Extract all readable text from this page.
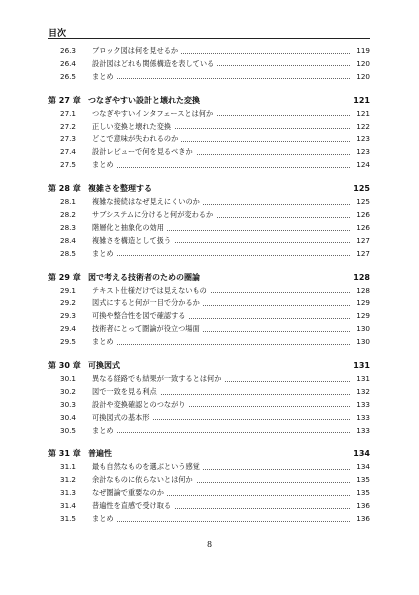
目次
26.3	ブロック図は何を見せるか	119
26.4	設計図はどれも関係構造を表している	120
26.5	まとめ	120
第 27 章 つなぎやすい設計と壊れた変換	121
27.1	つなぎやすいインタフェースとは何か	121
27.2	正しい変換と壊れた変換	122
27.3	どこで意味が失われるのか	123
27.4	設計レビューで何を見るべきか	123
27.5	まとめ	124
第 28 章 複雑さを整理する	125
28.1	複雑な接続はなぜ見えにくいのか	125
28.2	サブシステムに分けると何が変わるか	126
28.3	階層化と抽象化の効用	126
28.4	複雑さを構造として扱う	127
28.5	まとめ	127
第 29 章 図で考える技術者のための圏論	128
29.1	テキスト仕様だけでは見えないもの	128
29.2	図式にすると何が一目で分かるか	129
29.3	可換や整合性を図で確認する	129
29.4	技術者にとって圏論が役立つ場面	130
29.5	まとめ	130
第 30 章 可換図式	131
30.1	異なる経路でも結果が一致するとは何か	131
30.2	図で一致を見る利点	132
30.3	設計や変換確認とのつながり	133
30.4	可換図式の基本形	133
30.5	まとめ	133
第 31 章 普遍性	134
31.1	最も自然なものを選ぶという感覚	134
31.2	余計なものに依らないとは何か	135
31.3	なぜ圏論で重要なのか	135
31.4	普遍性を直感で受け取る	136
31.5	まとめ	136
8
